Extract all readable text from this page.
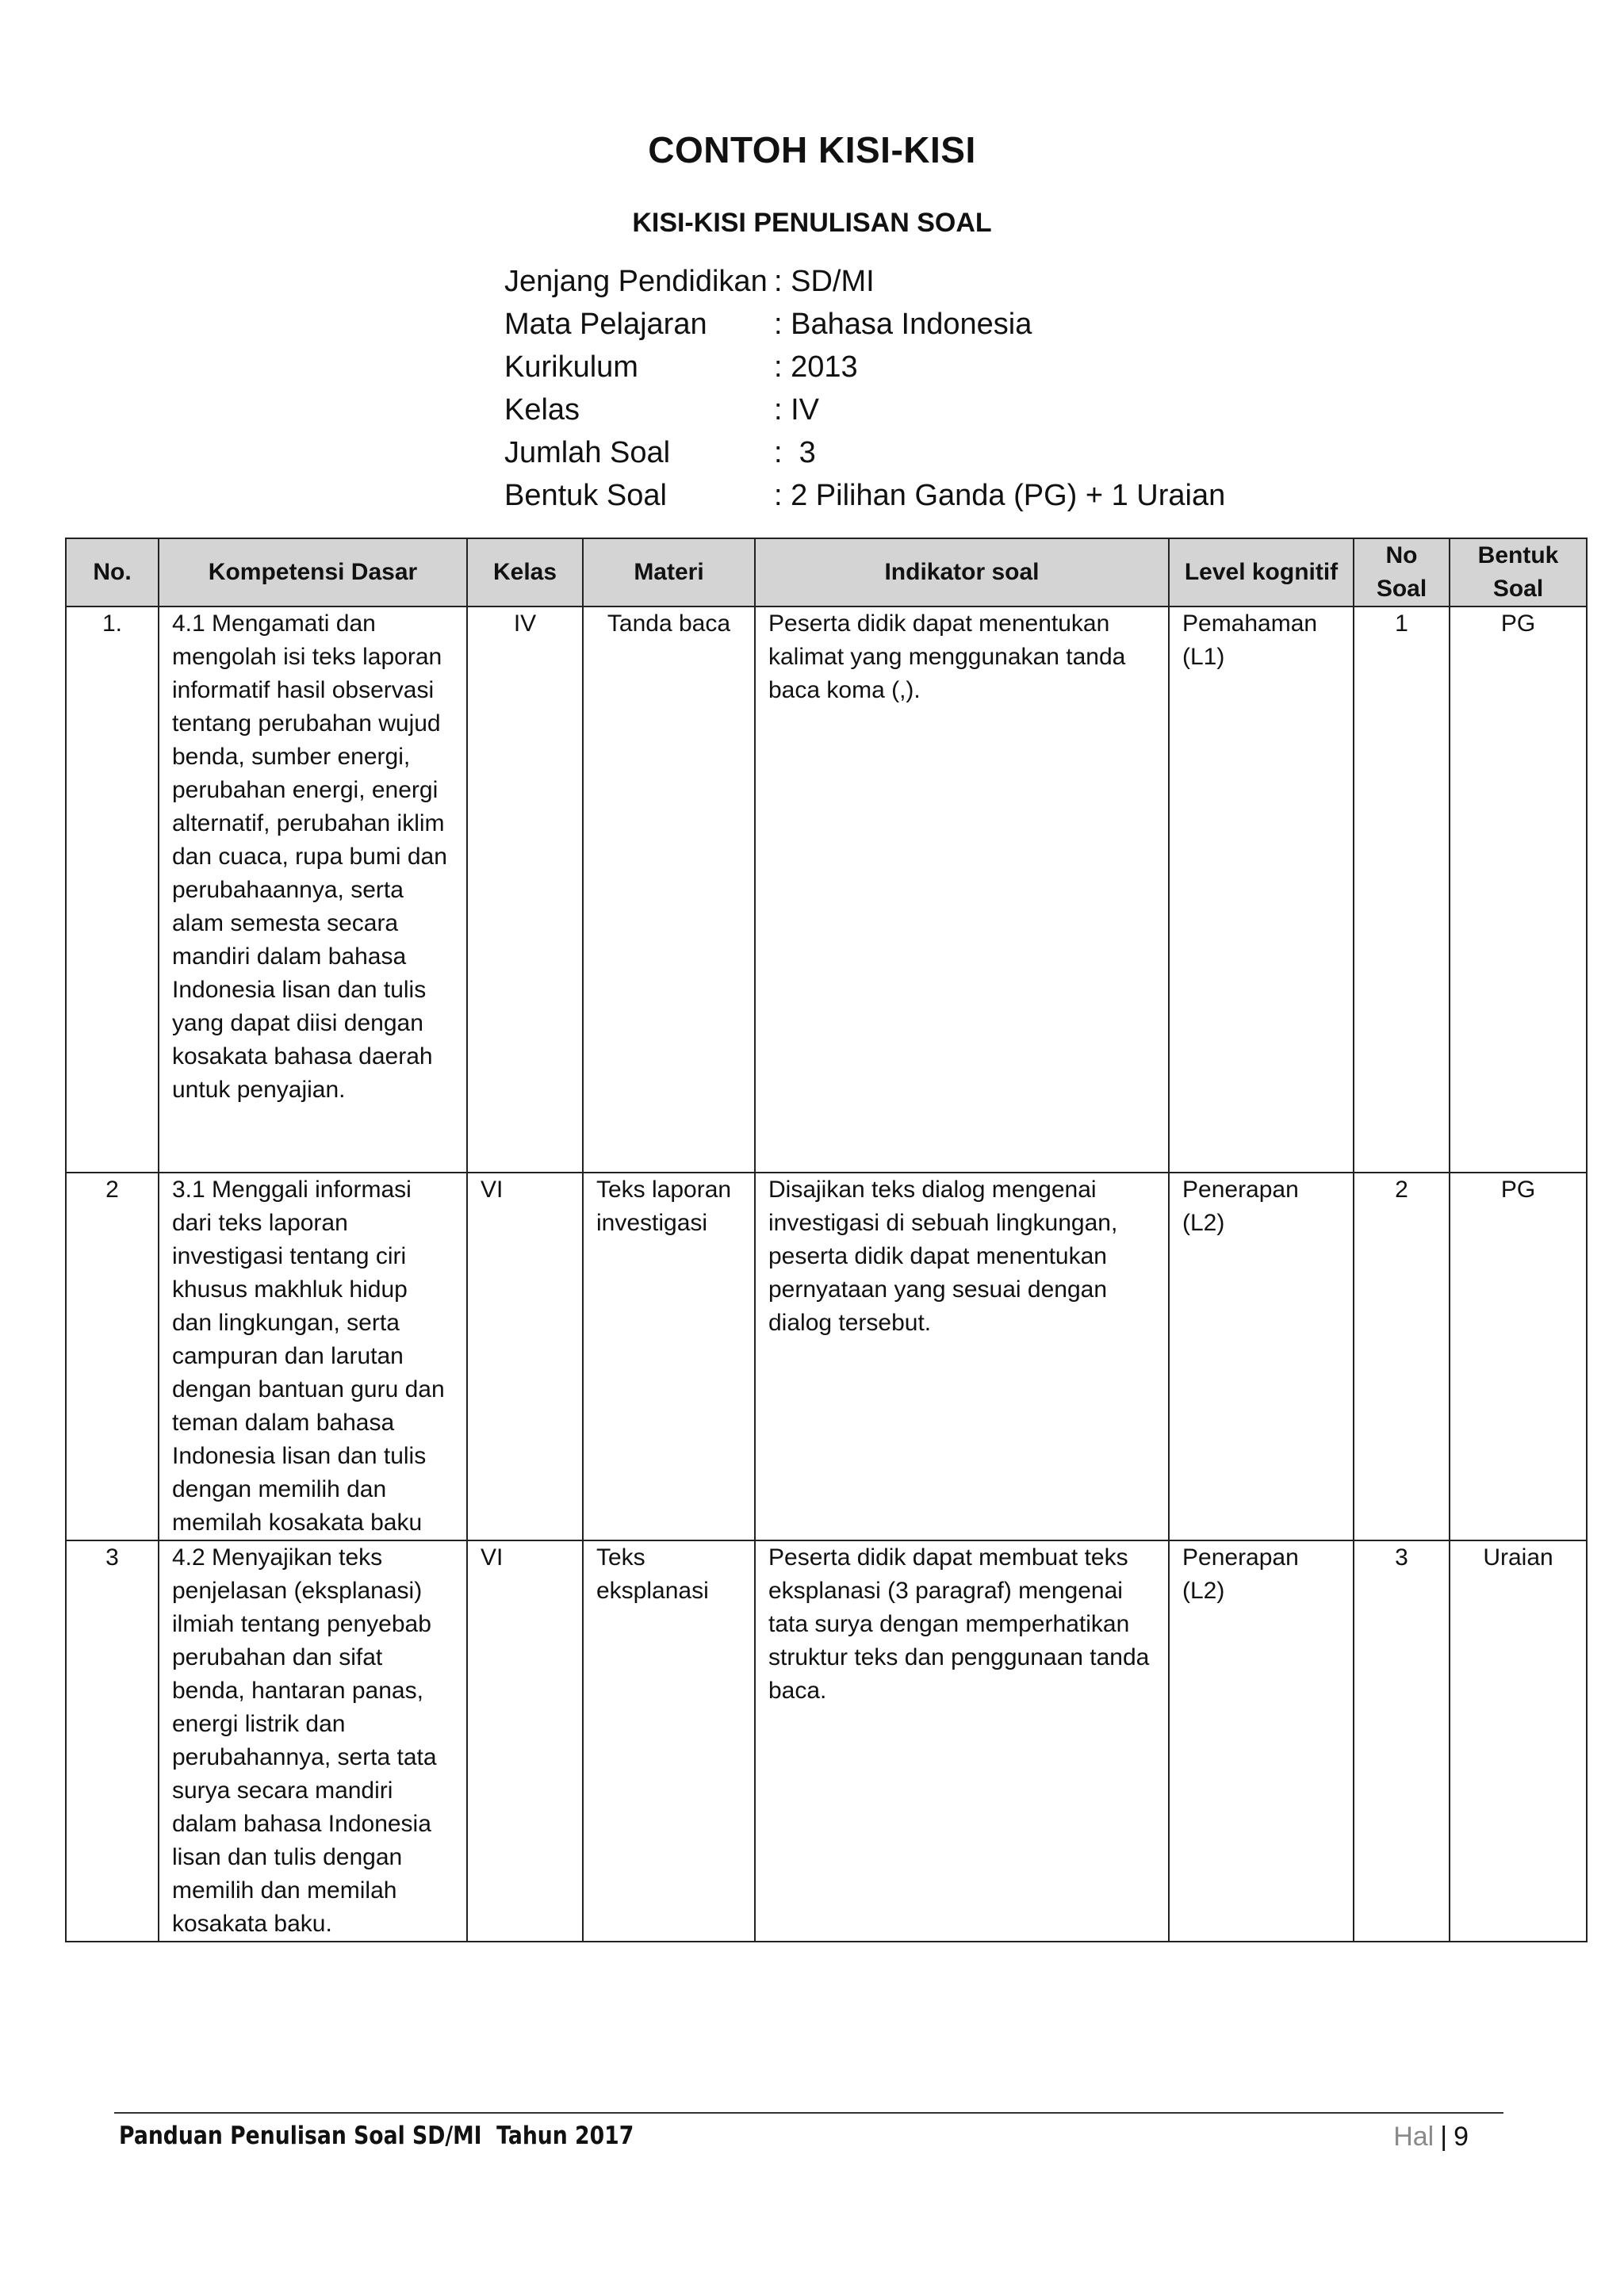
CONTOH KISI-KISI
KISI-KISI PENULISAN SOAL
Jenjang Pendidikan : SD/MI
Mata Pelajaran	: Bahasa Indonesia
Kurikulum	: 2013
Kelas	: IV
Jumlah Soal	:  3
Bentuk Soal	: 2 Pilihan Ganda (PG) + 1 Uraian
No.	Kompetensi Dasar	Kelas	Materi	Indikator soal	Level kognitif	No Soal	Bentuk Soal
1.	4.1 Mengamati dan mengolah isi teks laporan informatif hasil observasi tentang perubahan wujud benda, sumber energi, perubahan energi, energi alternatif, perubahan iklim dan cuaca, rupa bumi dan perubahaannya, serta alam semesta secara mandiri dalam bahasa Indonesia lisan dan tulis yang dapat diisi dengan kosakata bahasa daerah untuk penyajian.	IV	Tanda baca	Peserta didik dapat menentukan kalimat yang menggunakan tanda baca koma (,).	Pemahaman (L1)	1	PG
2	3.1 Menggali informasi dari teks laporan investigasi tentang ciri khusus makhluk hidup dan lingkungan, serta campuran dan larutan dengan bantuan guru dan teman dalam bahasa Indonesia lisan dan tulis dengan memilih dan memilah kosakata baku	VI	Teks laporan investigasi	Disajikan teks dialog mengenai investigasi di sebuah lingkungan, peserta didik dapat menentukan pernyataan yang sesuai dengan dialog tersebut.	Penerapan (L2)	2	PG
3	4.2 Menyajikan teks penjelasan (eksplanasi) ilmiah tentang penyebab perubahan dan sifat benda, hantaran panas, energi listrik dan perubahannya, serta tata surya secara mandiri dalam bahasa Indonesia lisan dan tulis dengan memilih dan memilah kosakata baku.	VI	Teks eksplanasi	Peserta didik dapat membuat teks eksplanasi (3 paragraf) mengenai tata surya dengan memperhatikan struktur teks dan penggunaan tanda baca.	Penerapan (L2)	3	Uraian
Panduan Penulisan Soal SD/MI  Tahun 2017	Hal | 9
